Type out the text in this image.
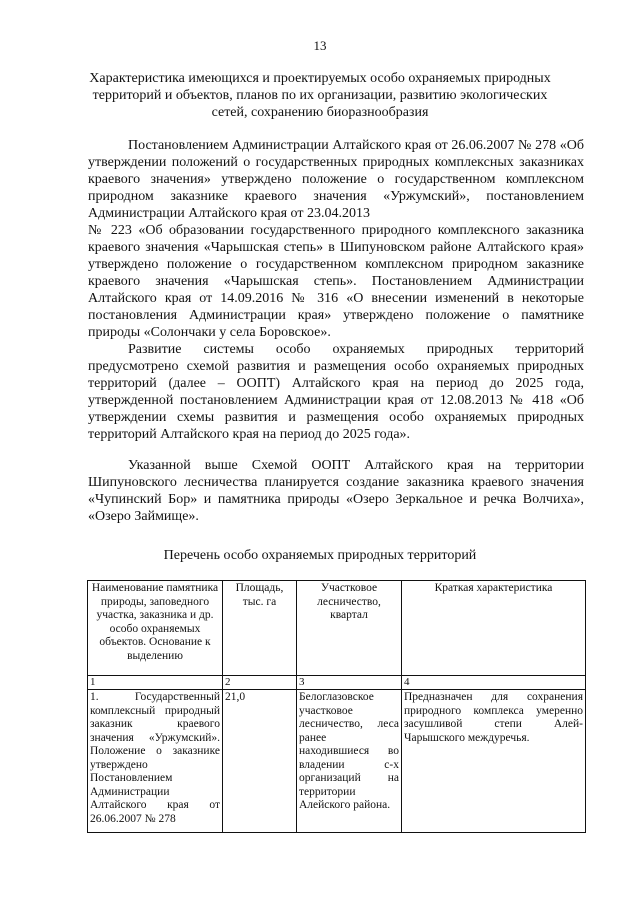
13
Характеристика имеющихся и проектируемых особо охраняемых природных территорий и объектов, планов по их организации, развитию экологических сетей, сохранению биоразнообразия

Постановлением Администрации Алтайского края от 26.06.2007 № 278 «Об утверждении положений о государственных природных комплексных заказниках краевого значения» утверждено положение о государственном комплексном природном заказнике краевого значения «Уржумский», постановлением Администрации Алтайского края от 23.04.2013

№ 223 «Об образовании государственного природного комплексного заказника краевого значения «Чарышская степь» в Шипуновском районе Алтайского края» утверждено положение о государственном комплексном природном заказнике краевого значения «Чарышская степь». Постановлением Администрации Алтайского края от 14.09.2016 № 316 «О внесении изменений в некоторые постановления Администрации края» утверждено положение о памятнике природы «Солончаки у села Боровское».

Развитие системы особо охраняемых природных территорий предусмотрено схемой развития и размещения особо охраняемых природных территорий (далее – ООПТ) Алтайского края на период до 2025 года, утвержденной постановлением Администрации края от 12.08.2013 № 418 «Об утверждении схемы развития и размещения особо охраняемых природных территорий Алтайского края на период до 2025 года».

Указанной выше Схемой ООПТ Алтайского края на территории Шипуновского лесничества планируется создание заказника краевого значения «Чупинский Бор» и памятника природы «Озеро Зеркальное и речка Волчиха», «Озеро Займище».

Перечень особо охраняемых природных территорий
Наименование памятника природы, заповедного участка, заказника и др. особо охраняемых объектов. Основание к выделению	Площадь, тыс. га	Участковое лесничество, квартал	Краткая характеристика
1	2	3	4
1. Государственный комплексный природный заказник краевого значения «Уржумский». Положение о заказнике утверждено Постановлением Администрации Алтайского края от 26.06.2007 № 278	21,0	Белоглазовское участковое лесничество, леса ранее находившиеся во владении с-х организаций на территории Алейского района.	Предназначен для сохранения природного комплекса умеренно засушливой степи Алей-Чарышского междуречья.
